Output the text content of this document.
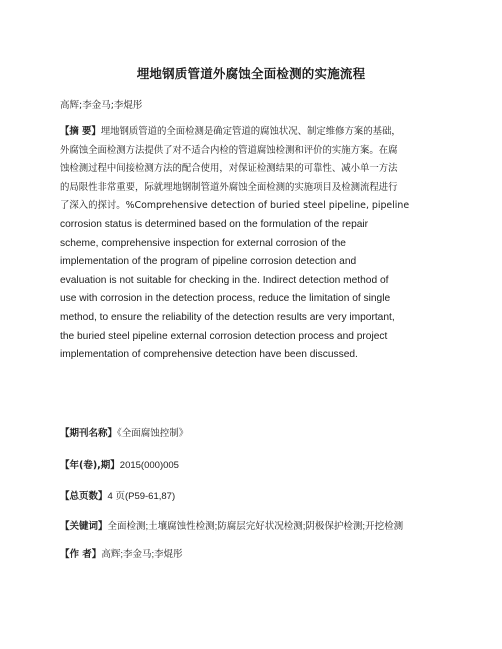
埋地钢质管道外腐蚀全面检测的实施流程
高辉;李金马;李焜彤
【摘 要】埋地钢质管道的全面检测是确定管道的腐蚀状况、制定维修方案的基础，
外腐蚀全面检测方法提供了对不适合内检的管道腐蚀检测和评价的实施方案。在腐
蚀检测过程中间接检测方法的配合使用，对保证检测结果的可靠性、减小单一方法
的局限性非常重要，际就埋地钢制管道外腐蚀全面检测的实施项目及检测流程进行
了深入的探讨。%Comprehensive detection of buried steel pipeline, pipeline
corrosion status is determined based on the formulation of the repair
scheme, comprehensive inspection for external corrosion of the
implementation of the program of pipeline corrosion detection and
evaluation is not suitable for checking in the. Indirect detection method of
use with corrosion in the detection process, reduce the limitation of single
method, to ensure the reliability of the detection results are very important,
the buried steel pipeline external corrosion detection process and project
implementation of comprehensive detection have been discussed.
【期刊名称】《全面腐蚀控制》
【年(卷),期】2015(000)005
【总页数】4 页(P59-61,87)
【关键词】全面检测;土壤腐蚀性检测;防腐层完好状况检测;阴极保护检测;开挖检测
【作 者】高辉;李金马;李焜彤
